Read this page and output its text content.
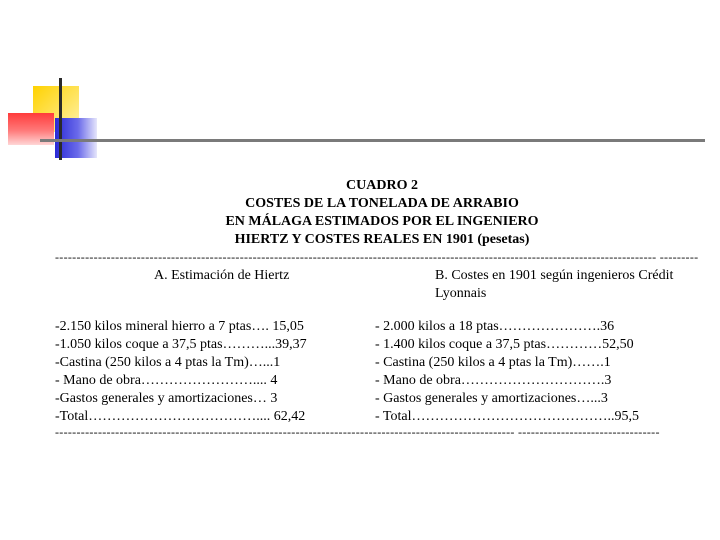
CUADRO 2
COSTES DE LA TONELADA DE ARRABIO
EN MÁLAGA ESTIMADOS POR EL INGENIERO
HIERTZ Y COSTES REALES EN 1901 (pesetas)
-------------------------------------------------------------------------------------------------------------------------------------------- ---------
A. Estimación de Hiertz	B. Costes en 1901 según ingenieros Crédit
Lyonnais
-2.150 kilos mineral hierro a 7 ptas…. 15,05
-1.050 kilos coque a 37,5 ptas………...39,37
-Castina (250 kilos a 4 ptas la Tm)…...1
- Mano de obra…………………….... 4
-Gastos generales y amortizaciones… 3
-Total……………………………….... 62,42
- 2.000 kilos a 18 ptas………………….36
- 1.400 kilos coque a 37,5 ptas…………52,50
- Castina (250 kilos a 4 ptas la Tm)…….1
- Mano de obra………………………….3
- Gastos generales y amortizaciones…...3
- Total……………………………………..95,5
----------------------------------------------------------------------------------------------------------- ---------------------------------
